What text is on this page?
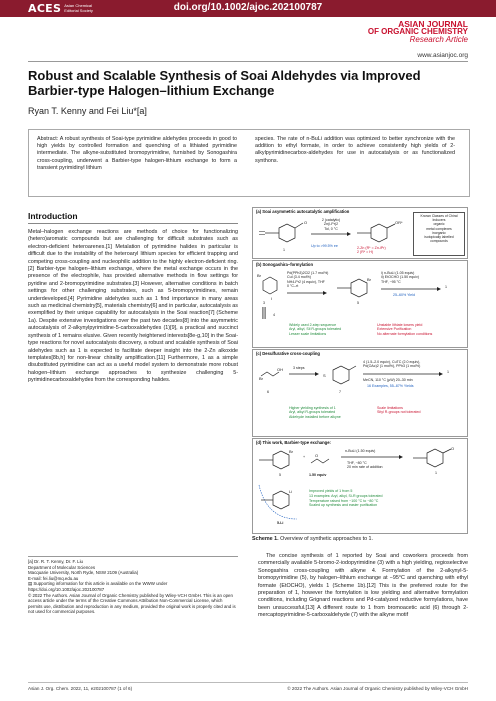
ACES Asian Chemical Editorial Society	doi.org/10.1002/ajoc.202100787
ASIAN JOURNAL
OF ORGANIC CHEMISTRY
Research Article
www.asianjoc.org
Robust and Scalable Synthesis of Soai Aldehydes via Improved Barbier-type Halogen–lithium Exchange
Ryan T. Kenny and Fei Liu*[a]
Abstract: A robust synthesis of Soai-type pyrimidine aldehydes proceeds in good to high yields by controlled formation and quenching of a lithiated pyrimidine intermediate. The alkyne-substituted bromopyrimidine, furnished by Sonogashira cross-coupling, underwent a Barbier-type halogen-lithium exchange to form a transient pyrimidinyl lithium
species. The rate of n-BuLi addition was optimized to better synchronize with the addition to ethyl formate, in order to achieve consistently high yields of 2-alkylpyrimidinecarbox-aldehydes for use in autocatalysis or as functionalized synthons.
Introduction
Metal–halogen exchange reactions are methods of choice for functionalizing (hetero)aromatic compounds but are challenging for difficult substrates such as electron-deficient heteroarenes.[1] Metalation of pyrimidine halides in particular is difficult due to the instability of the heteroaryl lithium species for efficient trapping and competing cross-coupling and nucleophilic addition to the highly electron-deficient ring.[2] Barbier-type halogen–lithium exchange, where the metal exchange occurs in the presence of the electrophile, has provided alternative methods in flow settings for pyridine and 2-bromopyrimidine substrates.[3] However, alternative conditions in batch settings for other challenging substrates, such as 5-bromopyrimidines, remain underdeveloped.[4] Pyrimidine aldehydes such as 1 find importance in many areas such as medicinal chemistry[5], materials chemistry[6] and in particular, autocatalysis as exemplified by their unique capability for autocatalysis in the Soai reaction[7] (Scheme 1a). Despite extensive investigations over the past two decades[8] into the asymmetric autocatalysis of 2-alkynylpyrimidine-5-carboxaldehydes (1)[9], a practical and succinct synthesis of 1 remains elusive. Given recently heightened interests[8e-g,10] in the Soai-type reactions for novel autocatalysis discovery, a robust and scalable synthesis of Soai aldehydes such as 1 is expected to facilitate deeper insight into the 2-Zn alkoxide templates[8b,h] for non-linear chirality amplification.[11] Furthermore, 1 as a simple disubstituted pyrimidine can act as a useful model system to demonstrate more robust halogen–lithium exchange approaches to synthesize challenging 5-pyrimidinecarboxaldehydes from the corresponding halides.
[a] Dr. R. T. Kenny, Dr. F. Liu
Department of Molecular Sciences
Macquarie University, North Ryde, NSW 2109 (Australia)
E-mail: fei.liu@mq.edu.au
▤ Supporting information for this article is available on the WWW under https://doi.org/10.1002/ajoc.202100787
© 2022 The Authors. Asian Journal of Organic Chemistry published by Wiley-VCH GmbH. This is an open access article under the terms of the Creative Commons Attribution Non-Commercial License, which permits use, distribution and reproduction in any medium, provided the original work is properly cited and is not used for commercial purposes.
(a) Soai asymmetric autocatalytic amplification
O
1
2 (catalytic)
Zn(i-Pr)2
Tol, 0 °C
Up to >99.5% ee
OR*
2-Zn (R* = Zn-iPr)
2 (R* = H)
Known Classes of Chiral Inducers
organic
metal complexes
inorganic
isotopically labelled
compounds
(b) Sonogashira–formylation
Br
I
3
4
Pd(PPh3)2Cl2 (1.7 mol%)
CuI (3.4 mol%)
NH4-Pr2 (4 equiv), THF
0 °C–rt
Br
5
i) n-BuLi (1.05 equiv)
ii) EtOCHO (1.50 equiv)
THF, −95 °C
1
25–60% Yield
Widely used 2-step sequence
Aryl, alkyl, Sil R-groups tolerated
Lesser scale limitations
Unstable lithiate lowers yield
Extensive Purification
No alternate formylation conditions
(c) Desulfurative cross-coupling
Br
OH
6
3 steps
S
7
4 (1.5–2.0 equiv), CuTC (2.0 equiv),
Pd(OAc)2 (1 mol%), PPh3 (1 mol%)
1
MeCN, 110 °C (μW) 20–30 min
16 Examples, 55–87% Yields
Higher yielding synthesis of 1
Aryl, alkyl R-groups tolerated
Aldehyde installed before alkyne
Scale limitations
Sityl R-groups not tolerated
(d) This work, Barbier-type exchange:
Br
5
+ O
1.50 equiv
n-BuLi (1.50 equiv)
THF, −80 °C
20 min rate of addition
O
1
Li
5-Li
Improved yields of 1 from 5
13 examples: Aryl, alkyl, Si-R groups tolerated
Temperature raised from −100 °C to −80 °C
Scaled up synthesis and easier purification
Scheme 1. Overview of synthetic approaches to 1.
The concise synthesis of 1 reported by Soai and coworkers proceeds from commercially available 5-bromo-2-iodopyrimidine (3) with a high yielding, regioselective Sonogashira cross-coupling with alkyne 4. Formylation of the 2-alkynyl-5-bromopyrimidine (5), by halogen–lithium exchange at −95°C and quenching with ethyl formate (EtOCHO), yields 1 (Scheme 1b).[12] This is the preferred route for the preparation of 1, however the formylation is low yielding and alternative formylation conditions, including Grignard reactions and Pd-catalyzed reductive formylations, have been unsuccessful.[13] A different route to 1 from bromoacetic acid (6) through 2-mercaptopyrimidine-5-carboxaldehyde (7) with the alkyne motif
Asian J. Org. Chem. 2022, 11, e202100787 (1 of 6)	© 2022 The Authors. Asian Journal of Organic Chemistry published by Wiley-VCH GmbH
